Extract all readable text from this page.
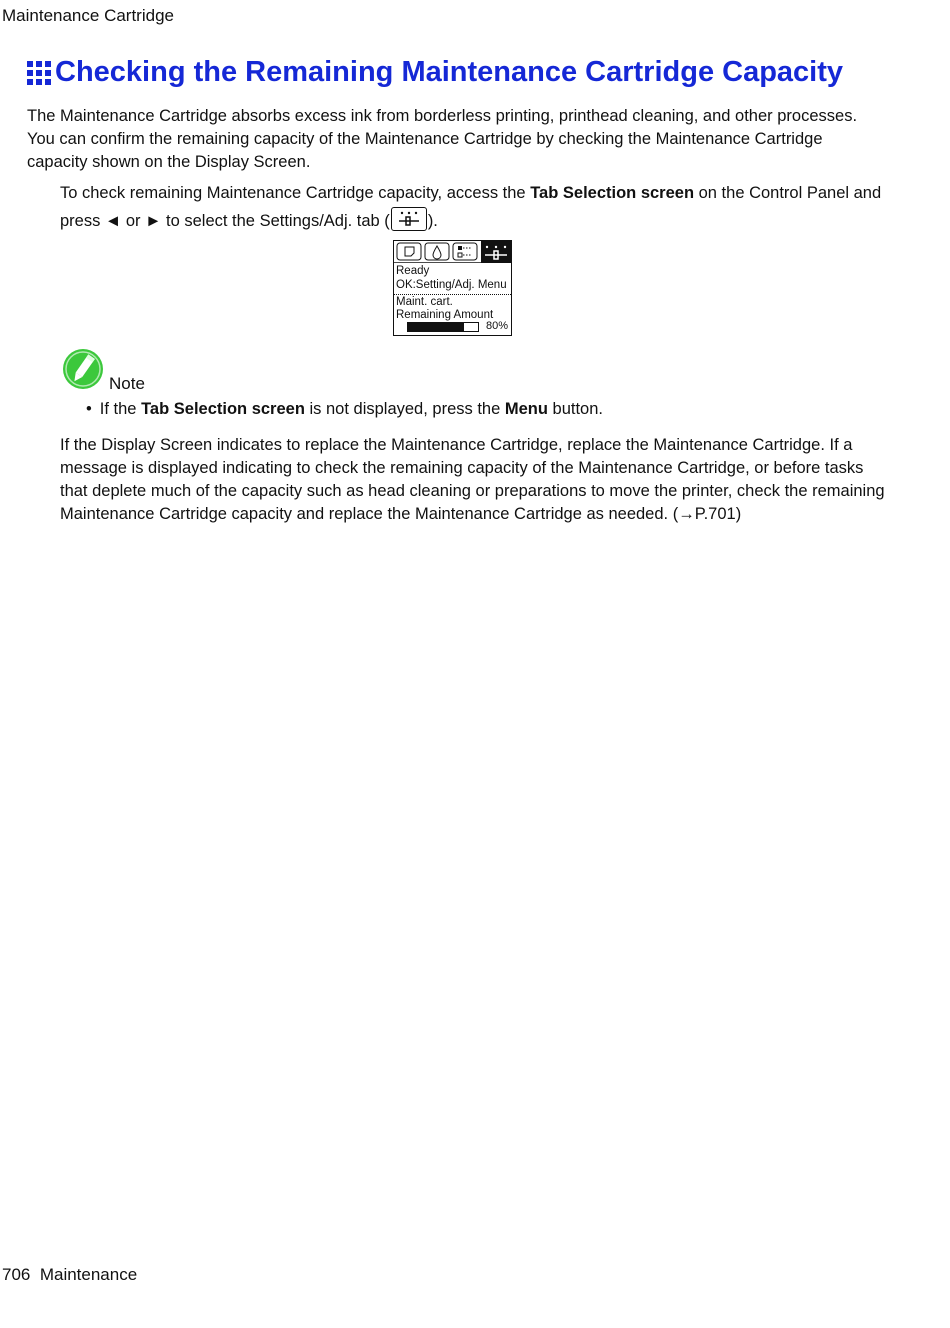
Maintenance Cartridge
Checking the Remaining Maintenance Cartridge Capacity

The Maintenance Cartridge absorbs excess ink from borderless printing, printhead cleaning, and other processes. You can confirm the remaining capacity of the Maintenance Cartridge by checking the Maintenance Cartridge capacity shown on the Display Screen.

To check remaining Maintenance Cartridge capacity, access the Tab Selection screen on the Control Panel and press ◄ or ► to select the Settings/Adj. tab ( ).

Ready
OK:Setting/Adj. Menu
Maint. cart.
Remaining Amount
80%
Note
• If the Tab Selection screen is not displayed, press the Menu button.

If the Display Screen indicates to replace the Maintenance Cartridge, replace the Maintenance Cartridge. If a message is displayed indicating to check the remaining capacity of the Maintenance Cartridge, or before tasks that deplete much of the capacity such as head cleaning or preparations to move the printer, check the remaining Maintenance Cartridge capacity and replace the Maintenance Cartridge as needed. (→P.701)

706 Maintenance
